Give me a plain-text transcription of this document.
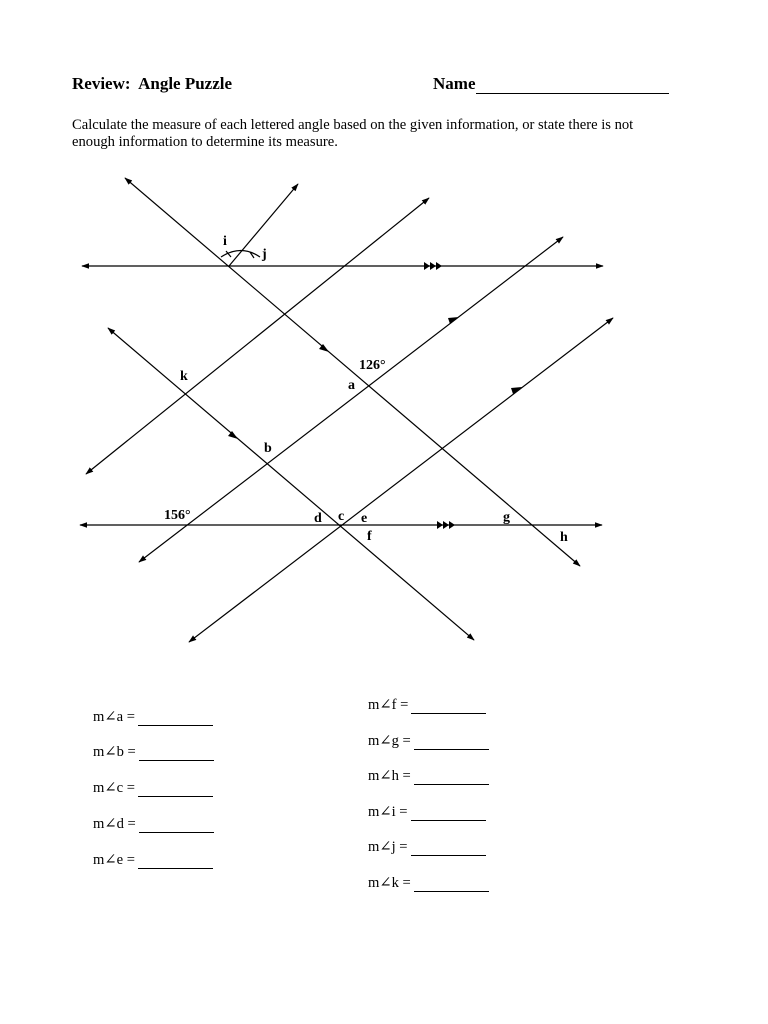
Review:  Angle Puzzle	Name
Calculate the measure of each lettered angle based on the given information, or state there is not enough information to determine its measure.
i
j
k
a
126°
b
156°	d c e
f
g
h
m∠a =
m∠b =
m∠c =
m∠d =
m∠e =
m∠f =
m∠g =
m∠h =
m∠i =
m∠j =
m∠k =
